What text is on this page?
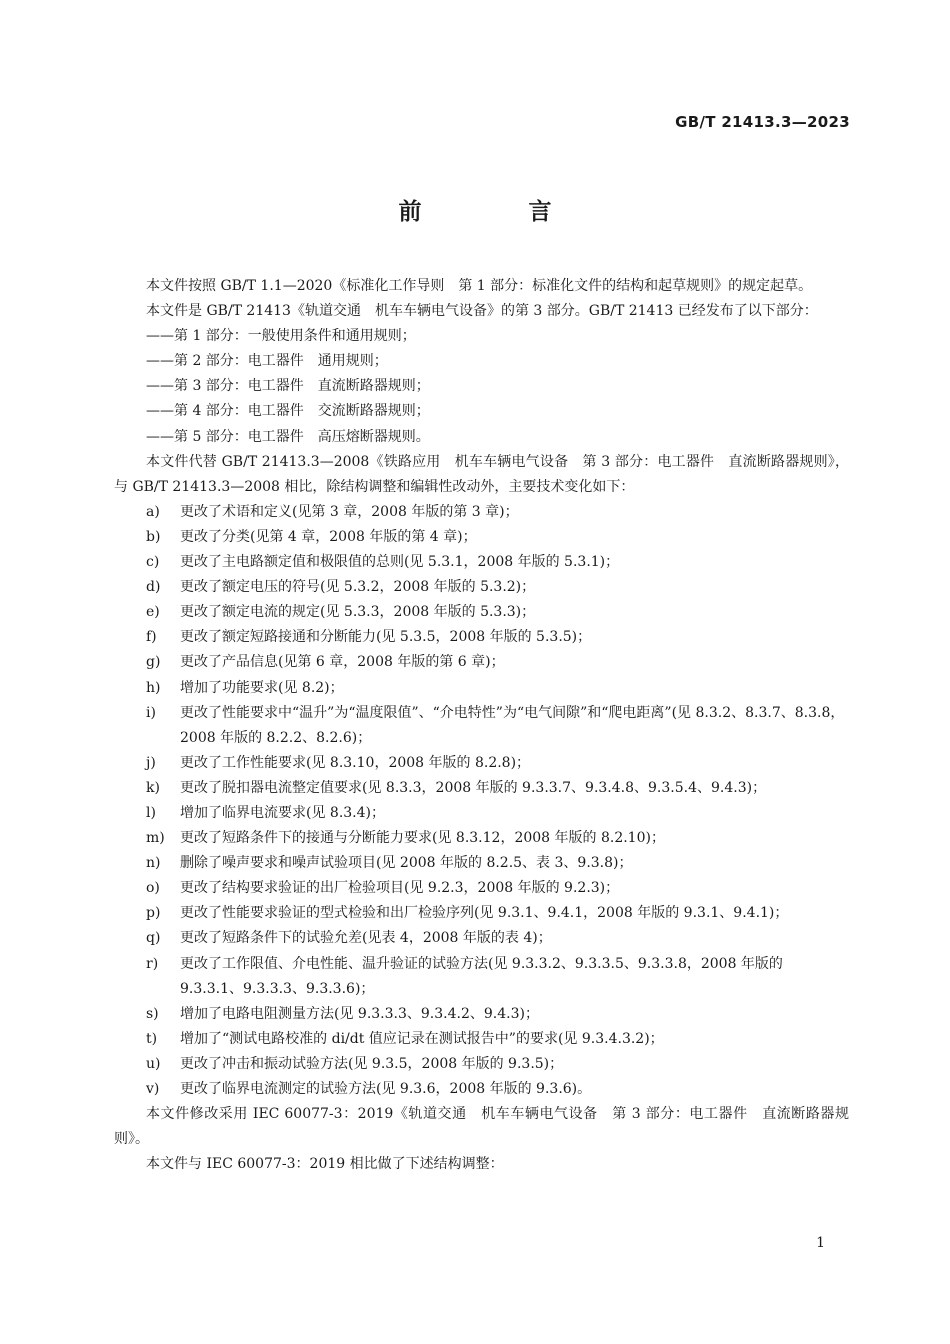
GB/T 21413.3—2023
前　言

本文件按照 GB/T 1.1—2020《标准化工作导则　第 1 部分：标准化文件的结构和起草规则》的规定起草。

本文件是 GB/T 21413《轨道交通　机车车辆电气设备》的第 3 部分。GB/T 21413 已经发布了以下部分：

——第 1 部分：一般使用条件和通用规则；

——第 2 部分：电工器件　通用规则；

——第 3 部分：电工器件　直流断路器规则；

——第 4 部分：电工器件　交流断路器规则；

——第 5 部分：电工器件　高压熔断器规则。

本文件代替 GB/T 21413.3—2008《铁路应用　机车车辆电气设备　第 3 部分：电工器件　直流断路器规则》，与 GB/T 21413.3—2008 相比，除结构调整和编辑性改动外，主要技术变化如下：

a) 更改了术语和定义(见第 3 章，2008 年版的第 3 章)；

b) 更改了分类(见第 4 章，2008 年版的第 4 章)；

c) 更改了主电路额定值和极限值的总则(见 5.3.1，2008 年版的 5.3.1)；

d) 更改了额定电压的符号(见 5.3.2，2008 年版的 5.3.2)；

e) 更改了额定电流的规定(见 5.3.3，2008 年版的 5.3.3)；

f) 更改了额定短路接通和分断能力(见 5.3.5，2008 年版的 5.3.5)；

g) 更改了产品信息(见第 6 章，2008 年版的第 6 章)；

h) 增加了功能要求(见 8.2)；

i) 更改了性能要求中“温升”为“温度限值”、“介电特性”为“电气间隙”和“爬电距离”(见 8.3.2、8.3.7、8.3.8，2008 年版的 8.2.2、8.2.6)；

j) 更改了工作性能要求(见 8.3.10，2008 年版的 8.2.8)；

k) 更改了脱扣器电流整定值要求(见 8.3.3，2008 年版的 9.3.3.7、9.3.4.8、9.3.5.4、9.4.3)；

l) 增加了临界电流要求(见 8.3.4)；

m) 更改了短路条件下的接通与分断能力要求(见 8.3.12，2008 年版的 8.2.10)；

n) 删除了噪声要求和噪声试验项目(见 2008 年版的 8.2.5、表 3、9.3.8)；

o) 更改了结构要求验证的出厂检验项目(见 9.2.3，2008 年版的 9.2.3)；

p) 更改了性能要求验证的型式检验和出厂检验序列(见 9.3.1、9.4.1，2008 年版的 9.3.1、9.4.1)；

q) 更改了短路条件下的试验允差(见表 4，2008 年版的表 4)；

r) 更改了工作限值、介电性能、温升验证的试验方法(见 9.3.3.2、9.3.3.5、9.3.3.8，2008 年版的 9.3.3.1、9.3.3.3、9.3.3.6)；

s) 增加了电路电阻测量方法(见 9.3.3.3、9.3.4.2、9.4.3)；

t) 增加了“测试电路校准的 di/dt 值应记录在测试报告中”的要求(见 9.3.4.3.2)；

u) 更改了冲击和振动试验方法(见 9.3.5，2008 年版的 9.3.5)；

v) 更改了临界电流测定的试验方法(见 9.3.6，2008 年版的 9.3.6)。

本文件修改采用 IEC 60077-3：2019《轨道交通　机车车辆电气设备　第 3 部分：电工器件　直流断路器规则》。

本文件与 IEC 60077-3：2019 相比做了下述结构调整：

1
